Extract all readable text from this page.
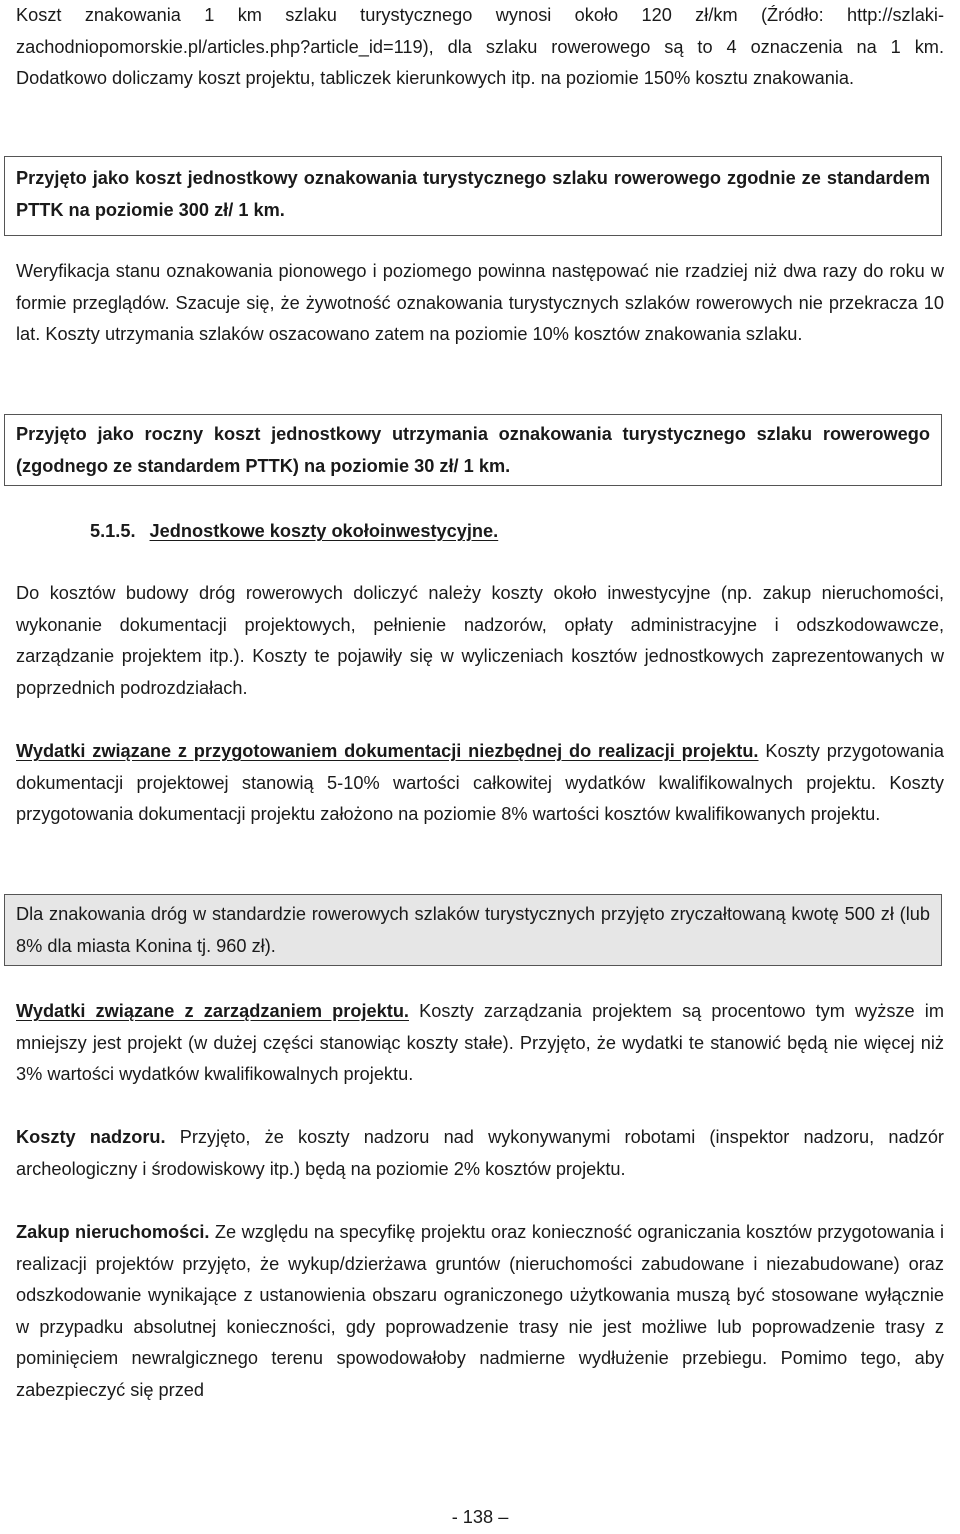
Koszt znakowania 1 km szlaku turystycznego wynosi około 120 zł/km (Źródło: http://szlaki-zachodniopomorskie.pl/articles.php?article_id=119), dla szlaku rowerowego są to 4 oznaczenia na 1 km. Dodatkowo doliczamy koszt projektu, tabliczek kierunkowych itp. na poziomie 150% kosztu znakowania.

Przyjęto jako koszt jednostkowy oznakowania turystycznego szlaku rowerowego zgodnie ze standardem PTTK na poziomie 300 zł/ 1 km.

Weryfikacja stanu oznakowania pionowego i poziomego powinna następować nie rzadziej niż dwa razy do roku w formie przeglądów. Szacuje się, że żywotność oznakowania turystycznych szlaków rowerowych nie przekracza 10 lat. Koszty utrzymania szlaków oszacowano zatem na poziomie 10% kosztów znakowania szlaku.

Przyjęto jako roczny koszt jednostkowy utrzymania oznakowania turystycznego szlaku rowerowego (zgodnego ze standardem PTTK) na poziomie 30 zł/ 1 km.
5.1.5. Jednostkowe koszty okołoinwestycyjne.

Do kosztów budowy dróg rowerowych doliczyć należy koszty około inwestycyjne (np. zakup nieruchomości, wykonanie dokumentacji projektowych, pełnienie nadzorów, opłaty administracyjne i odszkodowawcze, zarządzanie projektem itp.). Koszty te pojawiły się w wyliczeniach kosztów jednostkowych zaprezentowanych w poprzednich podrozdziałach.

Wydatki związane z przygotowaniem dokumentacji niezbędnej do realizacji projektu. Koszty przygotowania dokumentacji projektowej stanowią 5-10% wartości całkowitej wydatków kwalifikowalnych projektu. Koszty przygotowania dokumentacji projektu założono na poziomie 8% wartości kosztów kwalifikowanych projektu.

Dla znakowania dróg w standardzie rowerowych szlaków turystycznych przyjęto zryczałtowaną kwotę 500 zł (lub 8% dla miasta Konina tj. 960 zł).

Wydatki związane z zarządzaniem projektu. Koszty zarządzania projektem są procentowo tym wyższe im mniejszy jest projekt (w dużej części stanowiąc koszty stałe). Przyjęto, że wydatki te stanowić będą nie więcej niż 3% wartości wydatków kwalifikowalnych projektu.

Koszty nadzoru. Przyjęto, że koszty nadzoru nad wykonywanymi robotami (inspektor nadzoru, nadzór archeologiczny i środowiskowy itp.) będą na poziomie 2% kosztów projektu.

Zakup nieruchomości. Ze względu na specyfikę projektu oraz konieczność ograniczania kosztów przygotowania i realizacji projektów przyjęto, że wykup/dzierżawa gruntów (nieruchomości zabudowane i niezabudowane) oraz odszkodowanie wynikające z ustanowienia obszaru ograniczonego użytkowania muszą być stosowane wyłącznie w przypadku absolutnej konieczności, gdy poprowadzenie trasy nie jest możliwe lub poprowadzenie trasy z pominięciem newralgicznego terenu spowodowałoby nadmierne wydłużenie przebiegu. Pomimo tego, aby zabezpieczyć się przed

- 138 –
